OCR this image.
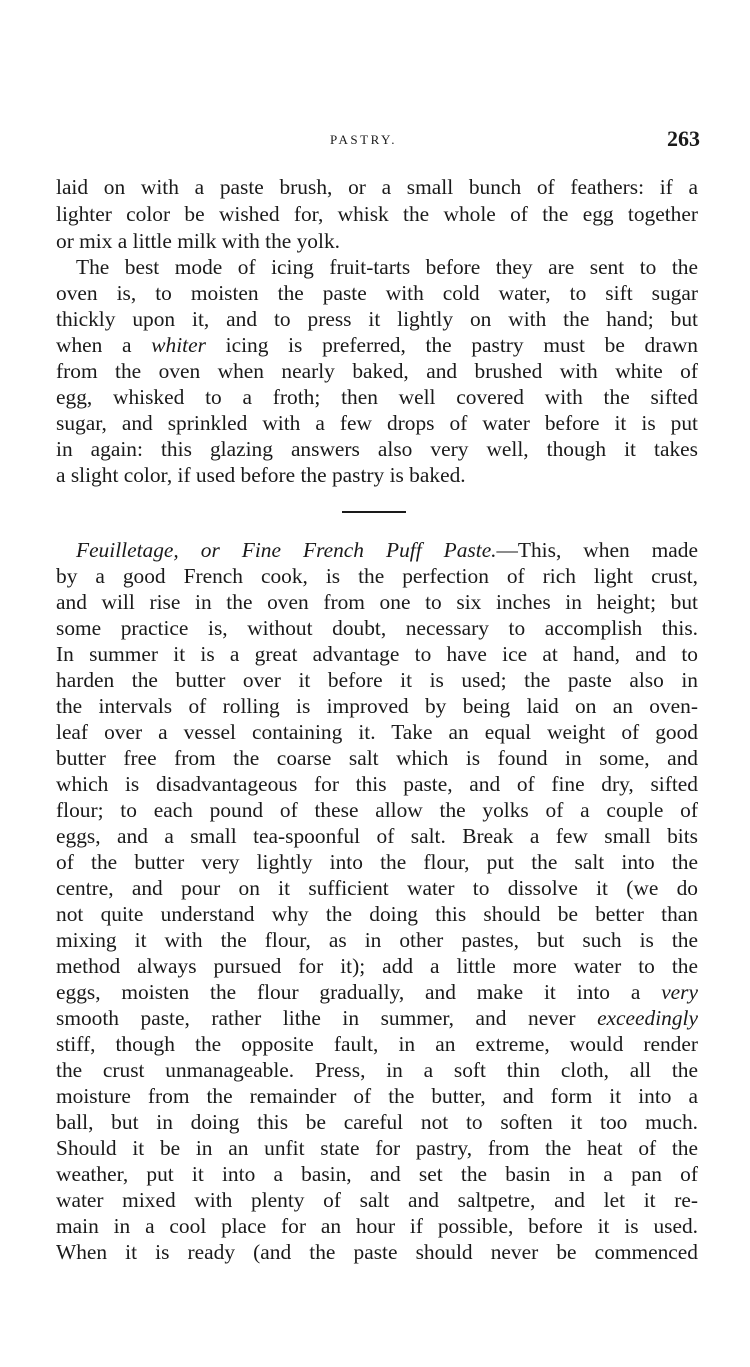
PASTRY.	263
laid on with a paste brush, or a small bunch of feathers: if a
lighter color be wished for, whisk the whole of the egg together
or mix a little milk with the yolk.
The best mode of icing fruit-tarts before they are sent to the
oven is, to moisten the paste with cold water, to sift sugar
thickly upon it, and to press it lightly on with the hand; but
when a whiter icing is preferred, the pastry must be drawn
from the oven when nearly baked, and brushed with white of
egg, whisked to a froth; then well covered with the sifted
sugar, and sprinkled with a few drops of water before it is put
in again: this glazing answers also very well, though it takes
a slight color, if used before the pastry is baked.
Feuilletage, or Fine French Puff Paste.—This, when made
by a good French cook, is the perfection of rich light crust,
and will rise in the oven from one to six inches in height; but
some practice is, without doubt, necessary to accomplish this.
In summer it is a great advantage to have ice at hand, and to
harden the butter over it before it is used; the paste also in
the intervals of rolling is improved by being laid on an oven-
leaf over a vessel containing it. Take an equal weight of good
butter free from the coarse salt which is found in some, and
which is disadvantageous for this paste, and of fine dry, sifted
flour; to each pound of these allow the yolks of a couple of
eggs, and a small tea-spoonful of salt. Break a few small bits
of the butter very lightly into the flour, put the salt into the
centre, and pour on it sufficient water to dissolve it (we do
not quite understand why the doing this should be better than
mixing it with the flour, as in other pastes, but such is the
method always pursued for it); add a little more water to the
eggs, moisten the flour gradually, and make it into a very
smooth paste, rather lithe in summer, and never exceedingly
stiff, though the opposite fault, in an extreme, would render
the crust unmanageable. Press, in a soft thin cloth, all the
moisture from the remainder of the butter, and form it into a
ball, but in doing this be careful not to soften it too much.
Should it be in an unfit state for pastry, from the heat of the
weather, put it into a basin, and set the basin in a pan of
water mixed with plenty of salt and saltpetre, and let it re-
main in a cool place for an hour if possible, before it is used.
When it is ready (and the paste should never be commenced
